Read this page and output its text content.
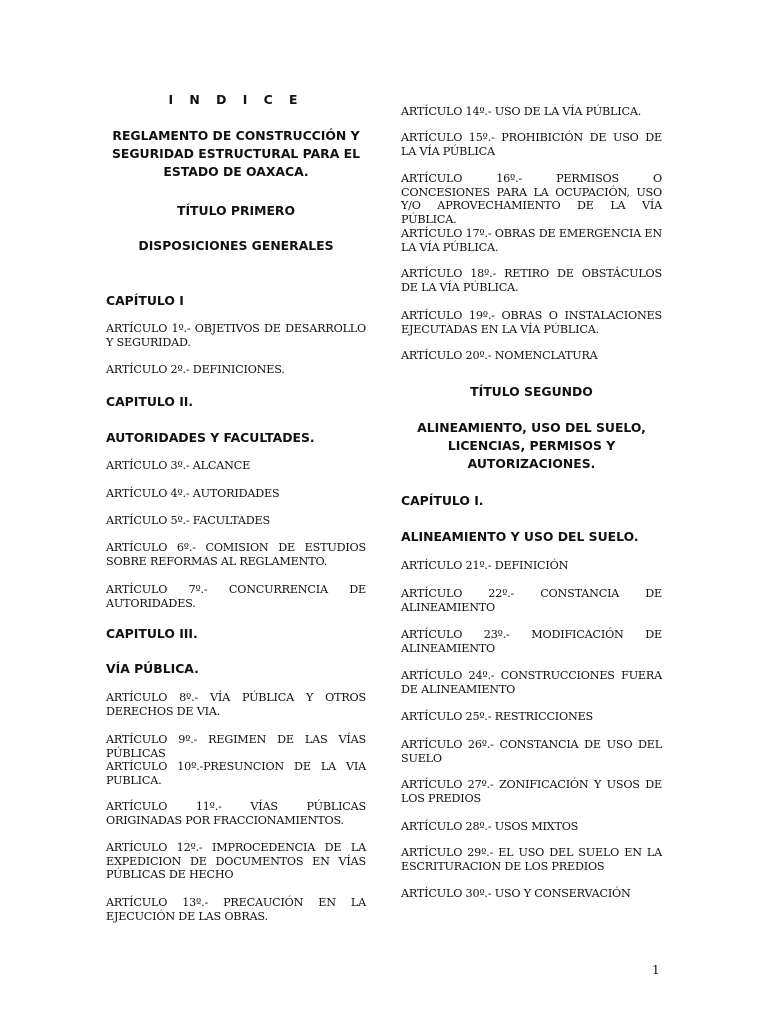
I N D I C E
REGLAMENTO DE CONSTRUCCIÓN Y SEGURIDAD ESTRUCTURAL PARA EL ESTADO DE OAXACA.
TÍTULO PRIMERO
DISPOSICIONES GENERALES
CAPÍTULO I
ARTÍCULO 1º.- OBJETIVOS DE DESARROLLO Y SEGURIDAD.
ARTÍCULO 2º.- DEFINICIONES.
CAPITULO II.
AUTORIDADES Y FACULTADES.
ARTÍCULO 3º.- ALCANCE
ARTÍCULO 4º.- AUTORIDADES
ARTÍCULO 5º.- FACULTADES
ARTÍCULO 6º.- COMISION DE ESTUDIOS SOBRE REFORMAS AL REGLAMENTO.
ARTÍCULO 7º.- CONCURRENCIA DE AUTORIDADES.
CAPITULO III.
VÍA PÚBLICA.
ARTÍCULO 8º.- VÍA PÚBLICA Y OTROS DERECHOS DE VIA.
ARTÍCULO 9º.- REGIMEN DE LAS VÍAS PÚBLICAS
ARTÍCULO 10º.-PRESUNCION DE LA VIA PUBLICA.
ARTÍCULO 11º.- VÍAS PÚBLICAS ORIGINADAS POR FRACCIONAMIENTOS.
ARTÍCULO 12º.- IMPROCEDENCIA DE LA EXPEDICION DE DOCUMENTOS EN VÍAS PÚBLICAS DE HECHO
ARTÍCULO 13º.- PRECAUCIÓN EN LA EJECUCIÓN DE LAS OBRAS.
ARTÍCULO 14º.- USO DE LA VÍA PÚBLICA.
ARTÍCULO 15º.- PROHIBICIÓN DE USO DE LA VÍA PÚBLICA
ARTÍCULO 16º.- PERMISOS O CONCESIONES PARA LA OCUPACIÓN, USO Y/O APROVECHAMIENTO DE LA VÍA PÚBLICA.
ARTÍCULO 17º.- OBRAS DE EMERGENCIA EN LA VÍA PÚBLICA.
ARTÍCULO 18º.- RETIRO DE OBSTÁCULOS DE LA VÍA PÚBLICA.
ARTÍCULO 19º.- OBRAS O INSTALACIONES EJECUTADAS EN LA VÍA PÚBLICA.
ARTÍCULO 20º.- NOMENCLATURA
TÍTULO SEGUNDO
ALINEAMIENTO, USO DEL SUELO, LICENCIAS, PERMISOS Y AUTORIZACIONES.
CAPÍTULO I.
ALINEAMIENTO Y USO DEL SUELO.
ARTÍCULO 21º.- DEFINICIÓN
ARTÍCULO 22º.- CONSTANCIA DE ALINEAMIENTO
ARTÍCULO 23º.- MODIFICACIÓN DE ALINEAMIENTO
ARTÍCULO 24º.- CONSTRUCCIONES FUERA DE ALINEAMIENTO
ARTÍCULO 25º.- RESTRICCIONES
ARTÍCULO 26º.- CONSTANCIA DE USO DEL SUELO
ARTÍCULO 27º.- ZONIFICACIÓN Y USOS DE LOS PREDIOS
ARTÍCULO 28º.- USOS MIXTOS
ARTÍCULO 29º.- EL USO DEL SUELO EN LA ESCRITURACION DE LOS PREDIOS
ARTÍCULO 30º.- USO Y CONSERVACIÓN
1
